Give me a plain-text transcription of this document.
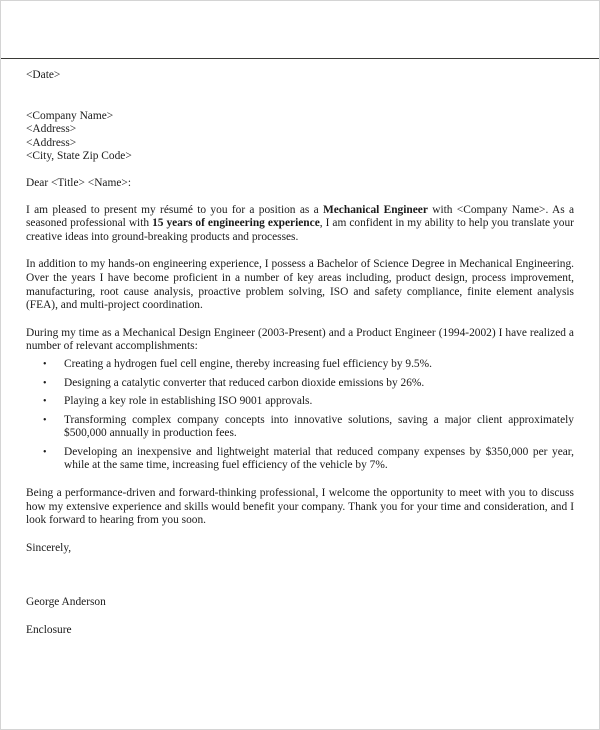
<Date>
<Company Name>
<Address>
<Address>
<City, State Zip Code>
Dear <Title> <Name>:

I am pleased to present my résumé to you for a position as a Mechanical Engineer with <Company Name>. As a seasoned professional with 15 years of engineering experience, I am confident in my ability to help you translate your creative ideas into ground-breaking products and processes.

In addition to my hands-on engineering experience, I possess a Bachelor of Science Degree in Mechanical Engineering. Over the years I have become proficient in a number of key areas including, product design, process improvement, manufacturing, root cause analysis, proactive problem solving, ISO and safety compliance, finite element analysis (FEA), and multi-project coordination.

During my time as a Mechanical Design Engineer (2003-Present) and a Product Engineer (1994-2002) I have realized a number of relevant accomplishments:

• Creating a hydrogen fuel cell engine, thereby increasing fuel efficiency by 9.5%.
• Designing a catalytic converter that reduced carbon dioxide emissions by 26%.
• Playing a key role in establishing ISO 9001 approvals.
• Transforming complex company concepts into innovative solutions, saving a major client approximately $500,000 annually in production fees.
• Developing an inexpensive and lightweight material that reduced company expenses by $350,000 per year, while at the same time, increasing fuel efficiency of the vehicle by 7%.

Being a performance-driven and forward-thinking professional, I welcome the opportunity to meet with you to discuss how my extensive experience and skills would benefit your company. Thank you for your time and consideration, and I look forward to hearing from you soon.

Sincerely,
George Anderson
Enclosure
